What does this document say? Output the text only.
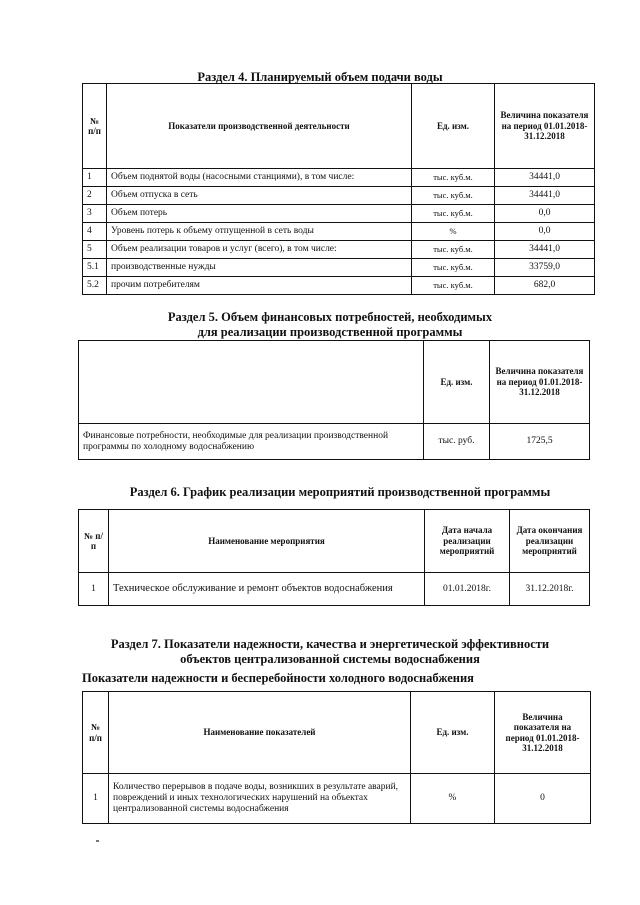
Раздел 4. Планируемый объем подачи воды
№ п/п	Показатели производственной деятельности	Ед. изм.	Величина показателя на период 01.01.2018- 31.12.2018
1	Объем поднятой воды (насосными станциями), в том числе:	тыс. куб.м.	34441,0
2	Объем отпуска в сеть	тыс. куб.м.	34441,0
3	Объем потерь	тыс. куб.м.	0,0
4	Уровень потерь к объему отпущенной в сеть воды	%	0,0
5	Объем реализации товаров и услуг (всего), в том числе:	тыс. куб.м.	34441,0
5.1	производственные нужды	тыс. куб.м.	33759,0
5.2	прочим потребителям	тыс. куб.м.	682,0
Раздел 5. Объем финансовых потребностей, необходимых
для реализации производственной программы
	Ед. изм.	Величина показателя на период 01.01.2018- 31.12.2018
Финансовые потребности, необходимые для реализации производственной программы по холодному водоснабжению	тыс. руб.	1725,5
Раздел 6. График реализации мероприятий производственной программы
№ п/п	Наименование мероприятия	Дата начала реализации мероприятий	Дата окончания реализации мероприятий
1	Техническое обслуживание и ремонт объектов водоснабжения	01.01.2018г.	31.12.2018г.
Раздел 7. Показатели надежности, качества и энергетической эффективности
объектов централизованной системы водоснабжения
Показатели надежности и бесперебойности холодного водоснабжения
№ п/п	Наименование показателей	Ед. изм.	Величина показателя на период 01.01.2018- 31.12.2018
1	Количество перерывов в подаче воды, возникших в результате аварий, повреждений и иных технологических нарушений на объектах централизованной системы водоснабжения	%	0
